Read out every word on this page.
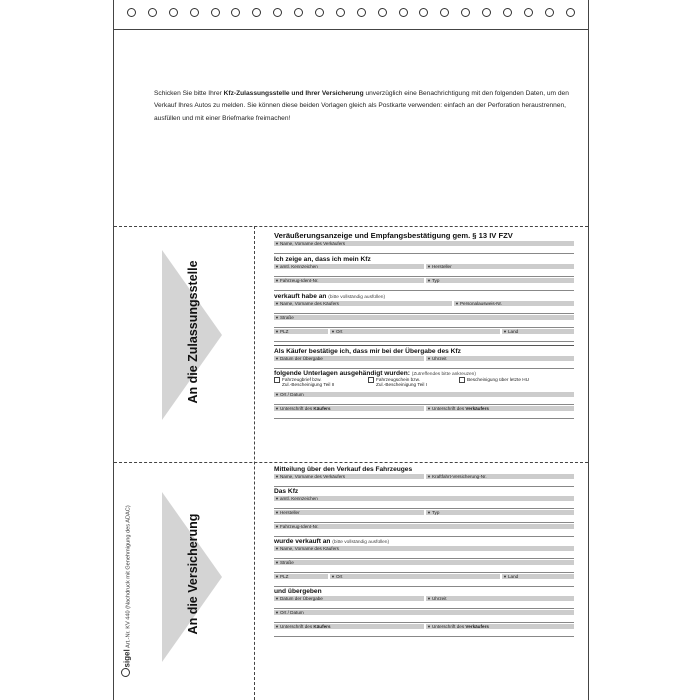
Schicken Sie bitte Ihrer Kfz-Zulassungsstelle und Ihrer Versicherung unverzüglich eine Benachrichtigung mit den folgenden Daten, um den Verkauf Ihres Autos zu melden. Sie können diese beiden Vorlagen gleich als Postkarte verwenden: einfach an der Perforation heraustrennen, ausfüllen und mit einer Briefmarke freimachen!
An die Zulassungsstelle
An die Versicherung
sigel Art.-Nr. KV 440 (Nachdruck mit Genehmigung des ADAC)
Veräußerungsanzeige und Empfangsbestätigung gem. § 13 IV FZV
▼Name, Vorname des Verkäufers
Ich zeige an, dass ich mein Kfz
▼amtl. Kennzeichen	▼Hersteller
▼Fahrzeug-Ident-Nr.	▼Typ
verkauft habe an (bitte vollständig ausfüllen)
▼Name, Vorname des Käufers	▼Personalausweis-Nr.
▼Straße
▼PLZ	▼Ort	▼Land
Als Käufer bestätige ich, dass mir bei der Übergabe des Kfz
▼Datum der Übergabe	▼Uhrzeit
folgende Unterlagen ausgehändigt wurden: (Zutreffendes bitte ankreuzen)
Fahrzeugbrief bzw.
Zul.-Bescheinigung Teil II
Fahrzeugschein bzw.
Zul.-Bescheinigung Teil I
Bescheinigung über letzte HU
▼Ort / Datum
▼Unterschrift des Käufers	▼Unterschrift des Verkäufers
Mitteilung über den Verkauf des Fahrzeuges
▼Name, Vorname des Verkäufers	▼Kraftfahrt-Versicherung-Nr.
Das Kfz
▼amtl. Kennzeichen
▼Hersteller	▼Typ
▼Fahrzeug-Ident-Nr.
wurde verkauft an (bitte vollständig ausfüllen)
▼Name, Vorname des Käufers
▼Straße
▼PLZ	▼Ort	▼Land
und übergeben
▼Datum der Übergabe	▼Uhrzeit
▼Ort / Datum
▼Unterschrift des Käufers	▼Unterschrift des Verkäufers
